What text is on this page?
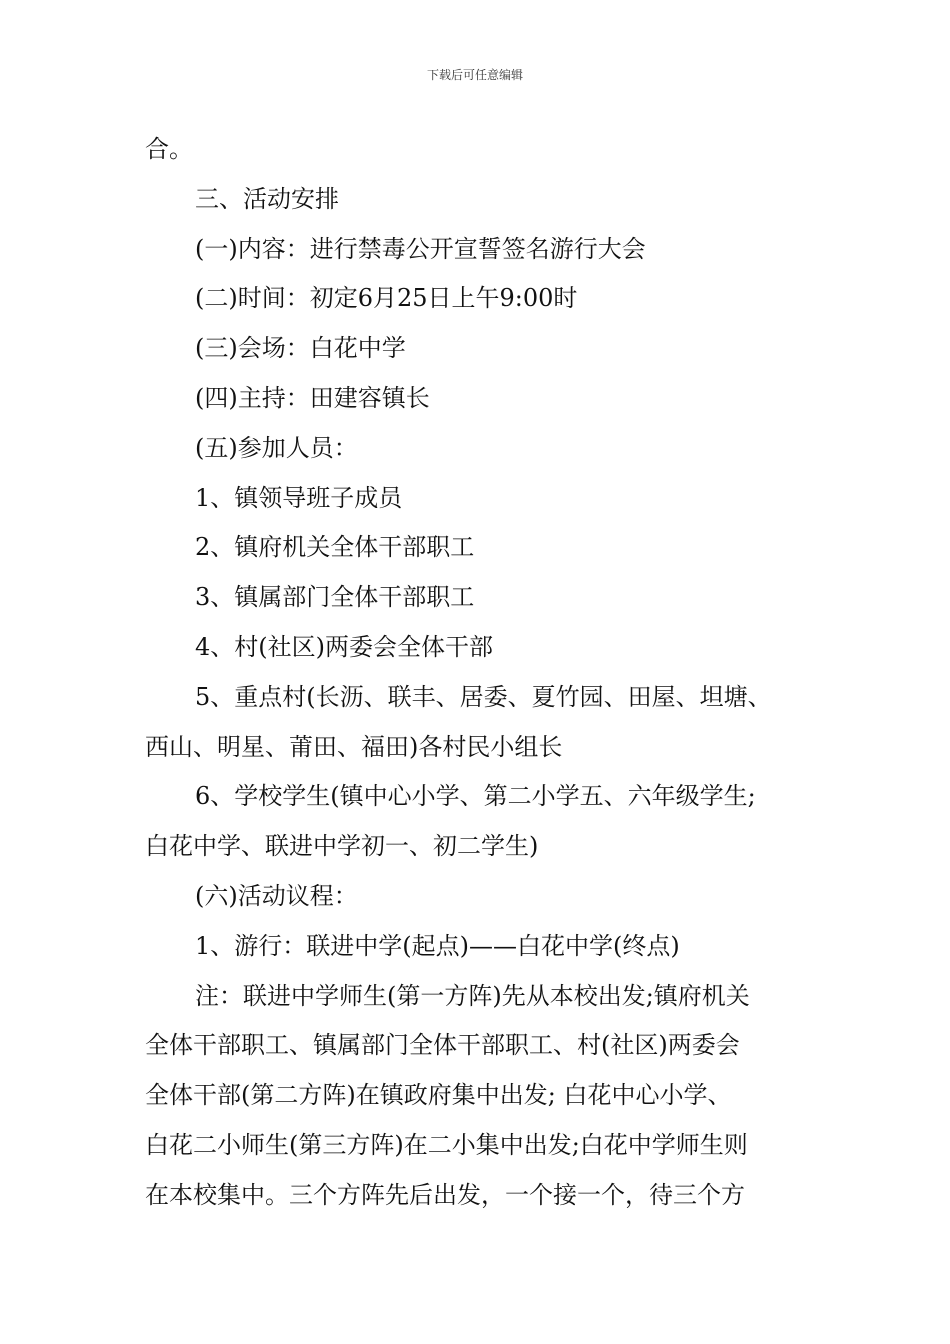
下载后可任意编辑

合。

三、活动安排

(一)内容：进行禁毒公开宣誓签名游行大会

(二)时间：初定6月25日上午9:00时

(三)会场：白花中学

(四)主持：田建容镇长

(五)参加人员：

1、镇领导班子成员

2、镇府机关全体干部职工

3、镇属部门全体干部职工

4、村(社区)两委会全体干部

5、重点村(长沥、联丰、居委、夏竹园、田屋、坦塘、

西山、明星、莆田、福田)各村民小组长

6、学校学生(镇中心小学、第二小学五、六年级学生;

白花中学、联进中学初一、初二学生)

(六)活动议程：

1、游行：联进中学(起点)——白花中学(终点)

注：联进中学师生(第一方阵)先从本校出发;镇府机关

全体干部职工、镇属部门全体干部职工、村(社区)两委会

全体干部(第二方阵)在镇政府集中出发; 白花中心小学、

白花二小师生(第三方阵)在二小集中出发;白花中学师生则

在本校集中。三个方阵先后出发，一个接一个，待三个方
